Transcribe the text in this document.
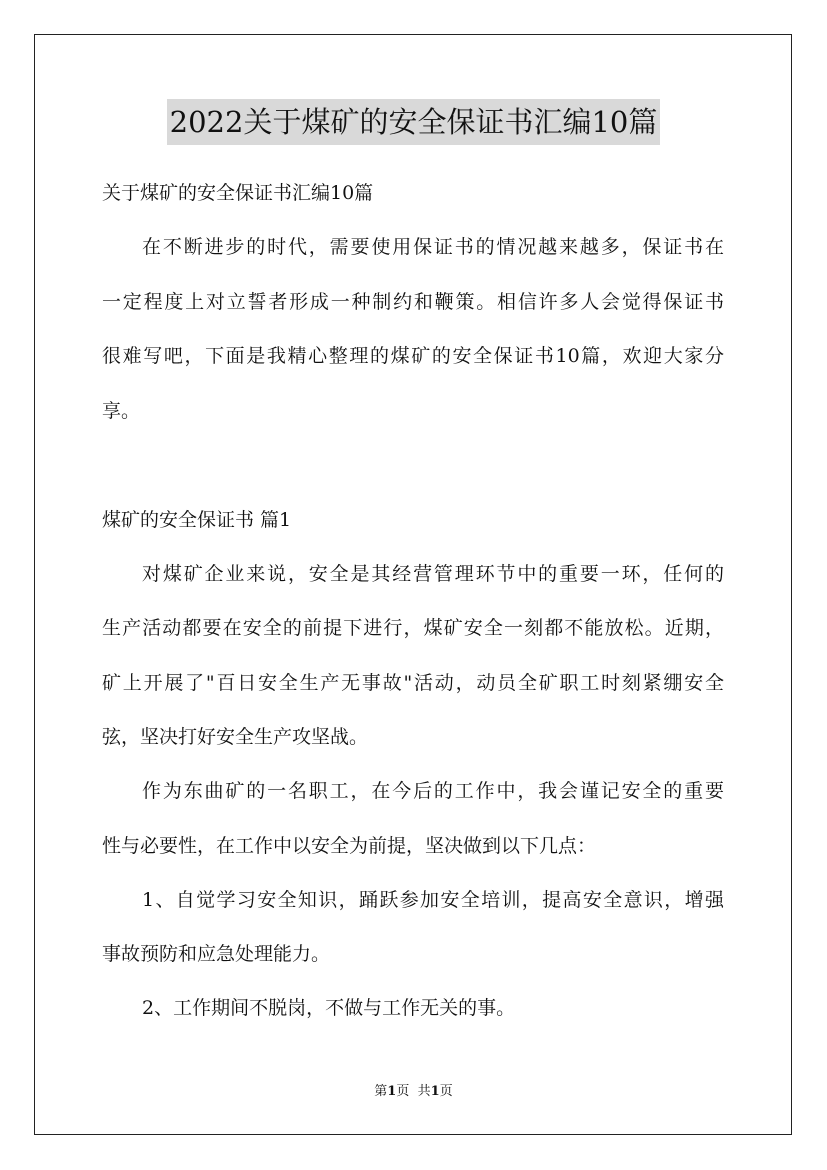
2022关于煤矿的安全保证书汇编10篇
关于煤矿的安全保证书汇编10篇
在不断进步的时代，需要使用保证书的情况越来越多，保证书在
一定程度上对立誓者形成一种制约和鞭策。相信许多人会觉得保证书
很难写吧，下面是我精心整理的煤矿的安全保证书10篇，欢迎大家分
享。
煤矿的安全保证书 篇1
对煤矿企业来说，安全是其经营管理环节中的重要一环，任何的
生产活动都要在安全的前提下进行，煤矿安全一刻都不能放松。近期，
矿上开展了"百日安全生产无事故"活动，动员全矿职工时刻紧绷安全
弦，坚决打好安全生产攻坚战。
作为东曲矿的一名职工，在今后的工作中，我会谨记安全的重要
性与必要性，在工作中以安全为前提，坚决做到以下几点：
1、自觉学习安全知识，踊跃参加安全培训，提高安全意识，增强
事故预防和应急处理能力。
2、工作期间不脱岗，不做与工作无关的事。
第1页 共1页
